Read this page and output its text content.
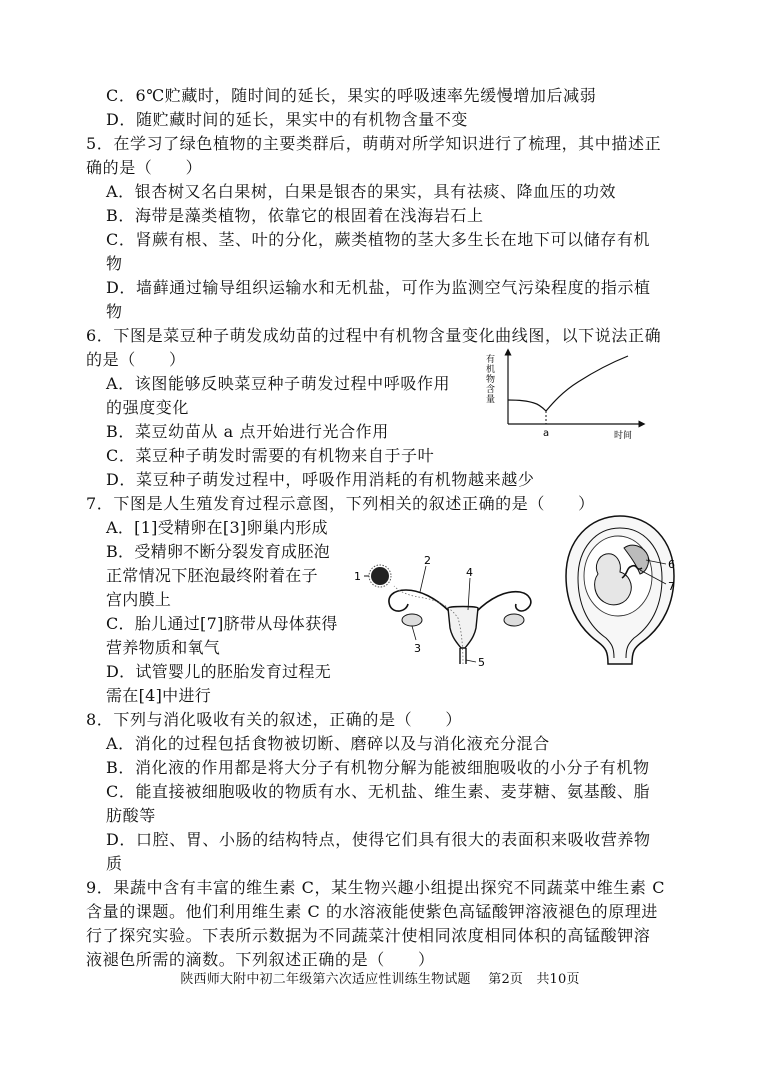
C．6℃贮藏时，随时间的延长，果实的呼吸速率先缓慢增加后减弱
D．随贮藏时间的延长，果实中的有机物含量不变
5．在学习了绿色植物的主要类群后，萌萌对所学知识进行了梳理，其中描述正
确的是（　　）
A．银杏树又名白果树，白果是银杏的果实，具有祛痰、降血压的功效
B．海带是藻类植物，依靠它的根固着在浅海岩石上
C．肾蕨有根、茎、叶的分化，蕨类植物的茎大多生长在地下可以储存有机
物
D．墙藓通过输导组织运输水和无机盐，可作为监测空气污染程度的指示植
物
6．下图是菜豆种子萌发成幼苗的过程中有机物含量变化曲线图，以下说法正确
的是（　　）
A．该图能够反映菜豆种子萌发过程中呼吸作用
的强度变化
B．菜豆幼苗从 a 点开始进行光合作用
C．菜豆种子萌发时需要的有机物来自于子叶
D．菜豆种子萌发过程中，呼吸作用消耗的有机物越来越少
有
机
物
含
量
a	时间
7．下图是人生殖发育过程示意图，下列相关的叙述正确的是（　　）
A．[1]受精卵在[3]卵巢内形成
B．受精卵不断分裂发育成胚泡
正常情况下胚泡最终附着在子
宫内膜上
C．胎儿通过[7]脐带从母体获得
营养物质和氧气
D．试管婴儿的胚胎发育过程无
需在[4]中进行
1
2
3
4
5
6
7
8．下列与消化吸收有关的叙述，正确的是（　　）
A．消化的过程包括食物被切断、磨碎以及与消化液充分混合
B．消化液的作用都是将大分子有机物分解为能被细胞吸收的小分子有机物
C．能直接被细胞吸收的物质有水、无机盐、维生素、麦芽糖、氨基酸、脂
肪酸等
D．口腔、胃、小肠的结构特点，使得它们具有很大的表面积来吸收营养物
质
9．果蔬中含有丰富的维生素 C，某生物兴趣小组提出探究不同蔬菜中维生素 C
含量的课题。他们利用维生素 C 的水溶液能使紫色高锰酸钾溶液褪色的原理进
行了探究实验。下表所示数据为不同蔬菜汁使相同浓度相同体积的高锰酸钾溶
液褪色所需的滴数。下列叙述正确的是（　　）
陕西师大附中初二年级第六次适应性训练生物试题　 第2页　共10页
